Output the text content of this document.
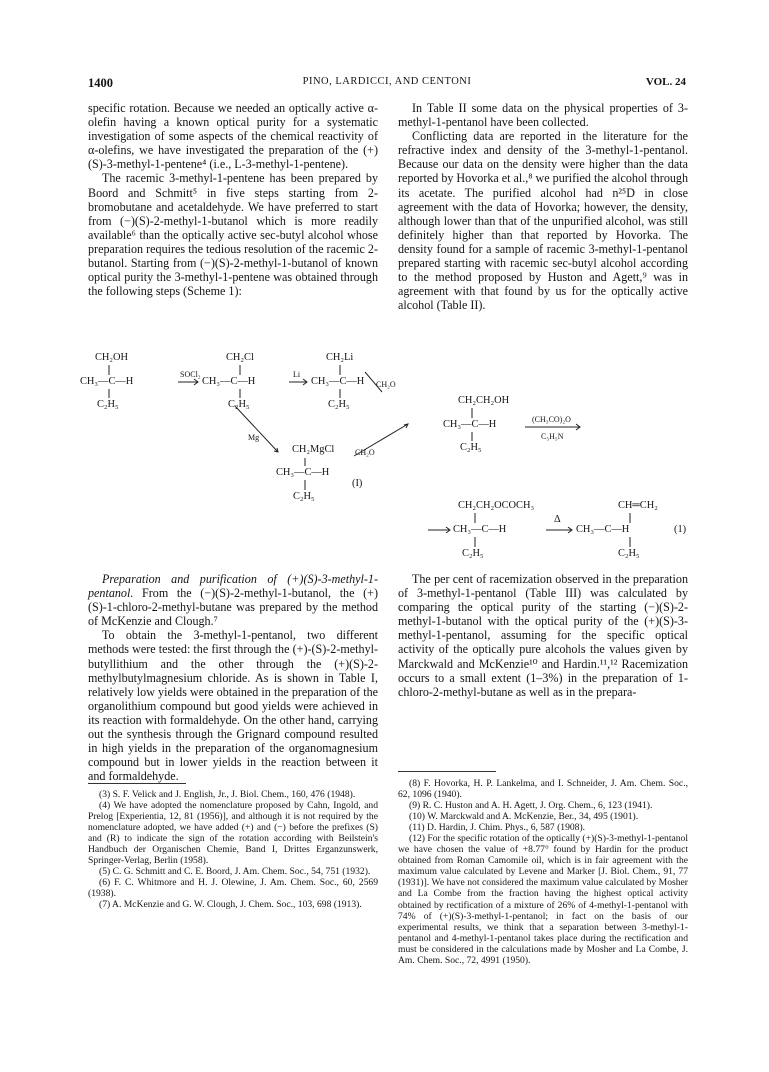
1400	PINO, LARDICCI, AND CENTONI	VOL. 24

specific rotation. Because we needed an optically active α-olefin having a known optical purity for a systematic investigation of some aspects of the chemical reactivity of α-olefins, we have investigated the preparation of the (+)(S)-3-methyl-1-pentene⁴ (i.e., L-3-methyl-1-pentene).

The racemic 3-methyl-1-pentene has been prepared by Boord and Schmitt⁵ in five steps starting from 2-bromobutane and acetaldehyde. We have preferred to start from (−)(S)-2-methyl-1-butanol which is more readily available⁶ than the optically active sec-butyl alcohol whose preparation requires the tedious resolution of the racemic 2-butanol. Starting from (−)(S)-2-methyl-1-butanol of known optical purity the 3-methyl-1-pentene was obtained through the following steps (Scheme 1):

In Table II some data on the physical properties of 3-methyl-1-pentanol have been collected.

Conflicting data are reported in the literature for the refractive index and density of the 3-methyl-1-pentanol. Because our data on the density were higher than the data reported by Hovorka et al.,⁸ we purified the alcohol through its acetate. The purified alcohol had n²⁵D in close agreement with the data of Hovorka; however, the density, although lower than that of the unpurified alcohol, was still definitely higher than that reported by Hovorka. The density found for a sample of racemic 3-methyl-1-pentanol prepared starting with racemic sec-butyl alcohol according to the method proposed by Huston and Agett,⁹ was in agreement with that found by us for the optically active alcohol (Table II).

CH₂OH
CH₃—C—H
C₂H₅
SOCl₂
CH₂Cl
CH₃—C—H
C₂H₅
Li
CH₂Li
CH₃—C—H
C₂H₅
CH₂O
Mg
CH₂MgCl	CH₂O
CH₃—C—H
C₂H₅
(I)
CH₂CH₂OH
CH₃—C—H
C₂H₅
(CH₃CO)₂O
C₅H₅N
CH₂CH₂OCOCH₃
CH₃—C—H
C₂H₅
Δ
CH═CH₂
CH₃—C—H
C₂H₅
(1)

Preparation and purification of (+)(S)-3-methyl-1-pentanol. From the (−)(S)-2-methyl-1-butanol, the (+)(S)-1-chloro-2-methyl-butane was prepared by the method of McKenzie and Clough.⁷

To obtain the 3-methyl-1-pentanol, two different methods were tested: the first through the (+)-(S)-2-methyl-butyllithium and the other through the (+)(S)-2-methylbutylmagnesium chloride. As is shown in Table I, relatively low yields were obtained in the preparation of the organolithium compound but good yields were achieved in its reaction with formaldehyde. On the other hand, carrying out the synthesis through the Grignard compound resulted in high yields in the preparation of the organomagnesium compound but in lower yields in the reaction between it and formaldehyde.

The per cent of racemization observed in the preparation of 3-methyl-1-pentanol (Table III) was calculated by comparing the optical purity of the starting (−)(S)-2-methyl-1-butanol with the optical purity of the (+)(S)-3-methyl-1-pentanol, assuming for the specific optical activity of the optically pure alcohols the values given by Marckwald and McKenzie¹⁰ and Hardin.¹¹,¹² Racemization occurs to a small extent (1–3%) in the preparation of 1-chloro-2-methyl-butane as well as in the prepara-

(3) S. F. Velick and J. English, Jr., J. Biol. Chem., 160, 476 (1948).

(4) We have adopted the nomenclature proposed by Cahn, Ingold, and Prelog [Experientia, 12, 81 (1956)], and although it is not required by the nomenclature adopted, we have added (+) and (−) before the prefixes (S) and (R) to indicate the sign of the rotation according with Beilstein's Handbuch der Organischen Chemie, Band I, Drittes Erganzunswerk, Springer-Verlag, Berlin (1958).

(5) C. G. Schmitt and C. E. Boord, J. Am. Chem. Soc., 54, 751 (1932).

(6) F. C. Whitmore and H. J. Olewine, J. Am. Chem. Soc., 60, 2569 (1938).

(7) A. McKenzie and G. W. Clough, J. Chem. Soc., 103, 698 (1913).

(8) F. Hovorka, H. P. Lankelma, and I. Schneider, J. Am. Chem. Soc., 62, 1096 (1940).

(9) R. C. Huston and A. H. Agett, J. Org. Chem., 6, 123 (1941).

(10) W. Marckwald and A. McKenzie, Ber., 34, 495 (1901).

(11) D. Hardin, J. Chim. Phys., 6, 587 (1908).

(12) For the specific rotation of the optically (+)(S)-3-methyl-1-pentanol we have chosen the value of +8.77° found by Hardin for the product obtained from Roman Camomile oil, which is in fair agreement with the maximum value calculated by Levene and Marker [J. Biol. Chem., 91, 77 (1931)]. We have not considered the maximum value calculated by Mosher and La Combe from the fraction having the highest optical activity obtained by rectification of a mixture of 26% of 4-methyl-1-pentanol with 74% of (+)(S)-3-methyl-1-pentanol; in fact on the basis of our experimental results, we think that a separation between 3-methyl-1-pentanol and 4-methyl-1-pentanol takes place during the rectification and must be considered in the calculations made by Mosher and La Combe, J. Am. Chem. Soc., 72, 4991 (1950).
